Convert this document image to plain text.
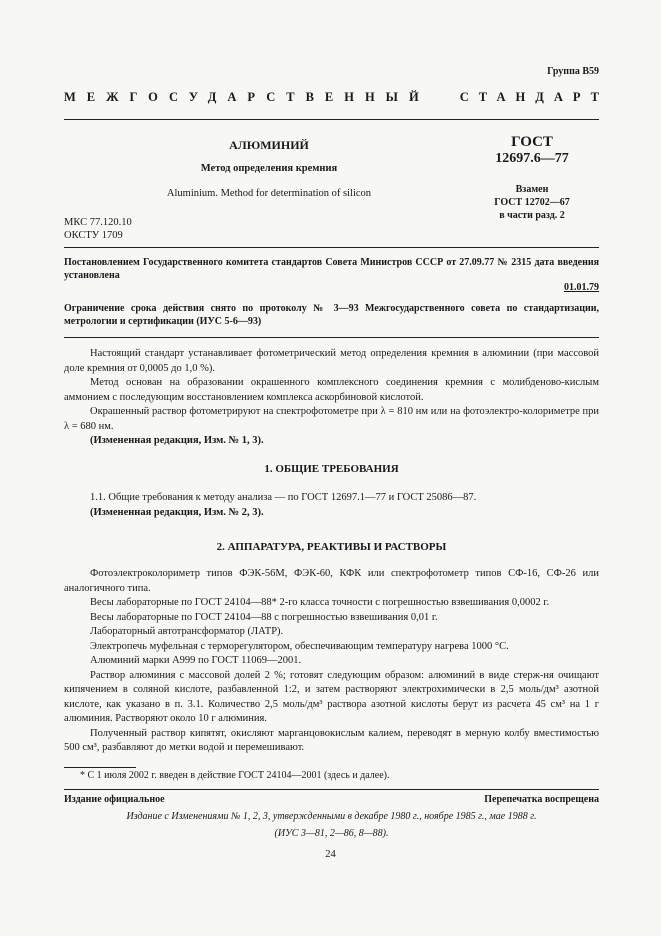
Группа В59
МЕЖГОСУДАРСТВЕННЫЙ СТАНДАРТ
АЛЮМИНИЙ
Метод определения кремния
Aluminium. Method for determination of silicon
ГОСТ
12697.6—77
Взамен
ГОСТ 12702—67
в части разд. 2
МКС 77.120.10
ОКСТУ 1709
Постановлением Государственного комитета стандартов Совета Министров СССР от 27.09.77 № 2315 дата введения установлена
01.01.79
Ограничение срока действия снято по протоколу № 3—93 Межгосударственного совета по стандартизации, метрологии и сертификации (ИУС 5-6—93)

Настоящий стандарт устанавливает фотометрический метод определения кремния в алюминии (при массовой доле кремния от 0,0005 до 1,0 %).

Метод основан на образовании окрашенного комплексного соединения кремния с молибденово-кислым аммонием с последующим восстановлением комплекса аскорбиновой кислотой.

Окрашенный раствор фотометрируют на спектрофотометре при λ = 810 нм или на фотоэлектро-колориметре при λ = 680 нм.

(Измененная редакция, Изм. № 1, 3).

1. ОБЩИЕ ТРЕБОВАНИЯ

1.1. Общие требования к методу анализа — по ГОСТ 12697.1—77 и ГОСТ 25086—87.

(Измененная редакция, Изм. № 2, 3).

2. АППАРАТУРА, РЕАКТИВЫ И РАСТВОРЫ

Фотоэлектроколориметр типов ФЭК-56М, ФЭК-60, КФК или спектрофотометр типов СФ-16, СФ-26 или аналогичного типа.

Весы лабораторные по ГОСТ 24104—88* 2-го класса точности с погрешностью взвешивания 0,0002 г.

Весы лабораторные по ГОСТ 24104—88 с погрешностью взвешивания 0,01 г.

Лабораторный автотрансформатор (ЛАТР).

Электропечь муфельная с терморегулятором, обеспечивающим температуру нагрева 1000 °С.

Алюминий марки А999 по ГОСТ 11069—2001.

Раствор алюминия с массовой долей 2 %; готовят следующим образом: алюминий в виде стерж-ня очищают кипячением в соляной кислоте, разбавленной 1:2, и затем растворяют электрохимически в 2,5 моль/дм³ азотной кислоте, как указано в п. 3.1. Количество 2,5 моль/дм³ раствора азотной кислоты берут из расчета 45 см³ на 1 г алюминия. Растворяют около 10 г алюминия.

Полученный раствор кипятят, окисляют марганцовокислым калием, переводят в мерную колбу вместимостью 500 см³, разбавляют до метки водой и перемешивают.

* С 1 июля 2002 г. введен в действие ГОСТ 24104—2001 (здесь и далее).
Издание официальное	Перепечатка воспрещена
Издание с Изменениями № 1, 2, 3, утвержденными в декабре 1980 г., ноябре 1985 г., мае 1988 г.
(ИУС 3—81, 2—86, 8—88).
24
